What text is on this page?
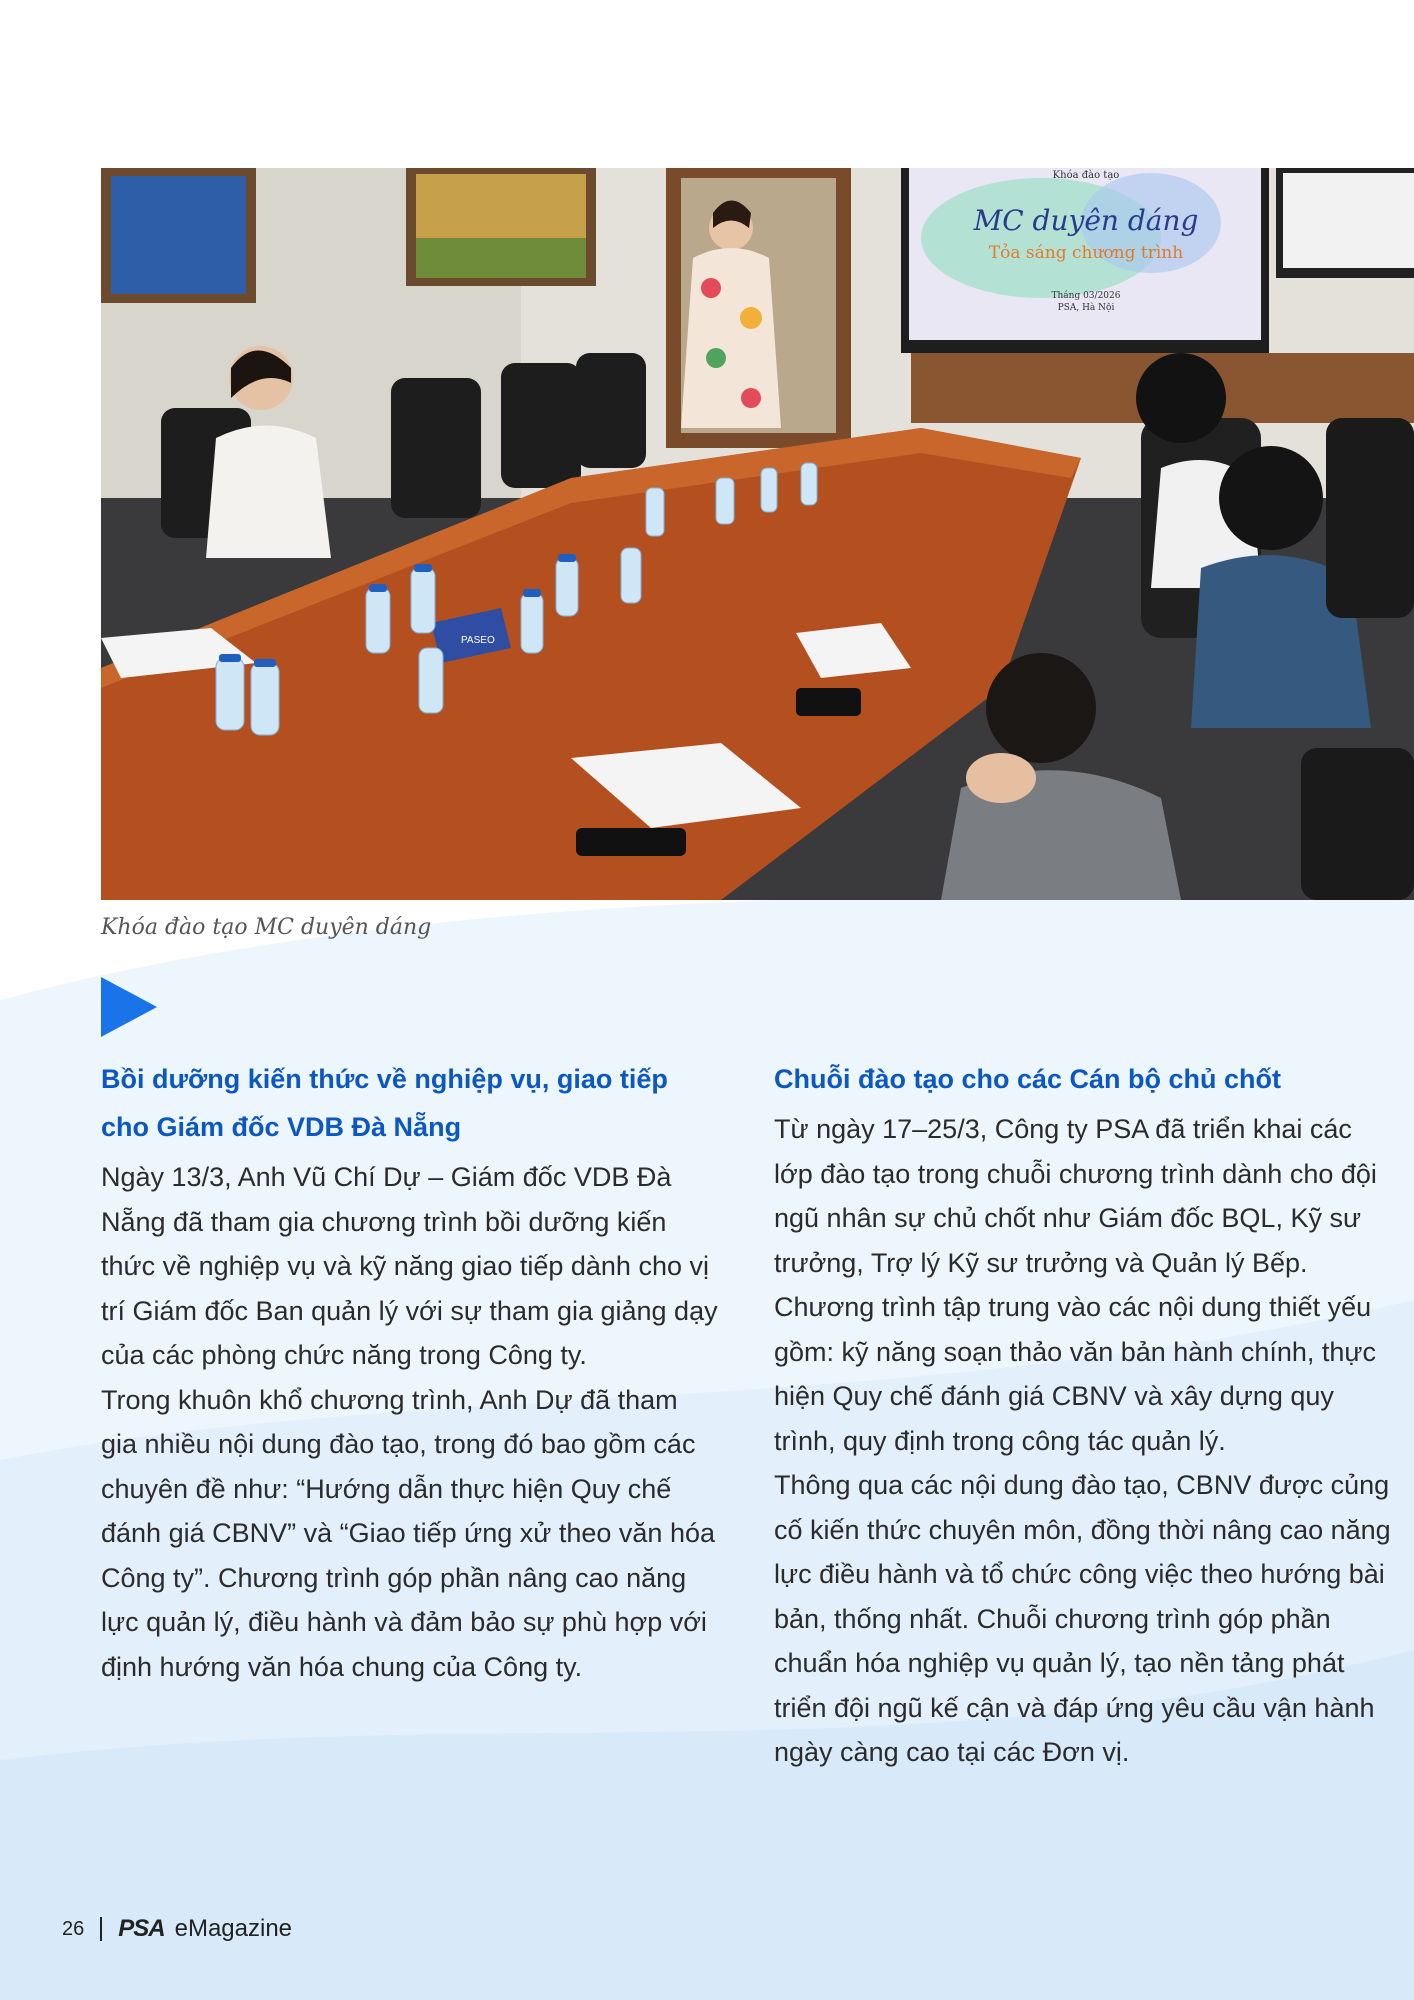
Khóa đào tạo
MC duyên dáng
Tỏa sáng chương trình
Tháng 03/2026
PSA, Hà Nội
PASEO
Khóa đào tạo MC duyên dáng
Bồi dưỡng kiến thức về nghiệp vụ, giao tiếp cho Giám đốc VDB Đà Nẵng

Ngày 13/3, Anh Vũ Chí Dự – Giám đốc VDB Đà Nẵng đã tham gia chương trình bồi dưỡng kiến thức về nghiệp vụ và kỹ năng giao tiếp dành cho vị trí Giám đốc Ban quản lý với sự tham gia giảng dạy của các phòng chức năng trong Công ty.
Trong khuôn khổ chương trình, Anh Dự đã tham gia nhiều nội dung đào tạo, trong đó bao gồm các chuyên đề như: “Hướng dẫn thực hiện Quy chế đánh giá CBNV” và “Giao tiếp ứng xử theo văn hóa Công ty”. Chương trình góp phần nâng cao năng lực quản lý, điều hành và đảm bảo sự phù hợp với định hướng văn hóa chung của Công ty.

Chuỗi đào tạo cho các Cán bộ chủ chốt

Từ ngày 17–25/3, Công ty PSA đã triển khai các lớp đào tạo trong chuỗi chương trình dành cho đội ngũ nhân sự chủ chốt như Giám đốc BQL, Kỹ sư trưởng, Trợ lý Kỹ sư trưởng và Quản lý Bếp. Chương trình tập trung vào các nội dung thiết yếu gồm: kỹ năng soạn thảo văn bản hành chính, thực hiện Quy chế đánh giá CBNV và xây dựng quy trình, quy định trong công tác quản lý.
Thông qua các nội dung đào tạo, CBNV được củng cố kiến thức chuyên môn, đồng thời nâng cao năng lực điều hành và tổ chức công việc theo hướng bài bản, thống nhất. Chuỗi chương trình góp phần chuẩn hóa nghiệp vụ quản lý, tạo nền tảng phát triển đội ngũ kế cận và đáp ứng yêu cầu vận hành ngày càng cao tại các Đơn vị.

26 PSA eMagazine
